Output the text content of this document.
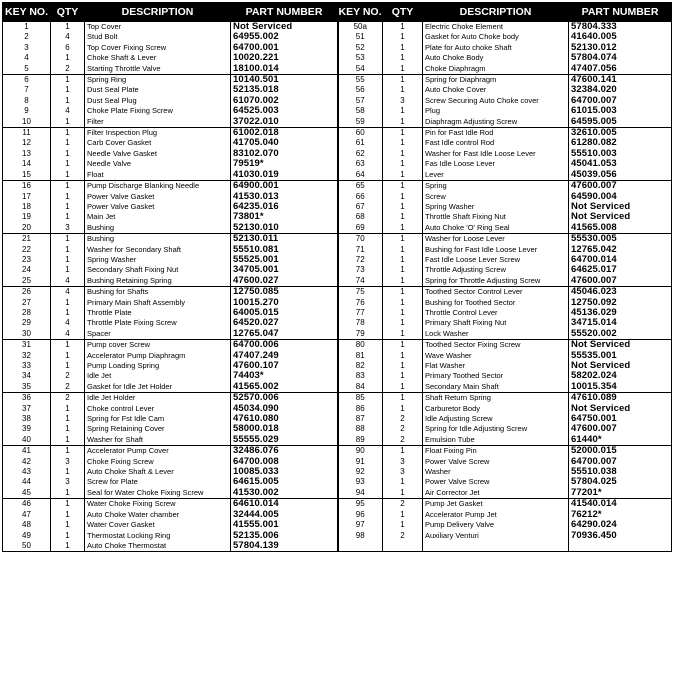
KEY NO.	QTY	DESCRIPTION	PART NUMBER	KEY NO.	QTY	DESCRIPTION	PART NUMBER
1	1	Top Cover	Not Serviced	50a	1	Electric Choke Element	57804.333
2	4	Stud Bolt	64955.002	51	1	Gasket for Auto Choke body	41640.005
3	6	Top Cover Fixing Screw	64700.001	52	1	Plate for Auto choke Shaft	52130.012
4	1	Choke Shaft & Lever	10020.221	53	1	Auto Choke Body	57804.074
5	2	Starting Throttle Valve	18100.014	54	1	Choke Diaphragm	47407.056
6	1	Spring Ring	10140.501	55	1	Spring for Diaphragm	47600.141
7	1	Dust Seal Plate	52135.018	56	1	Auto Choke Cover	32384.020
8	1	Dust Seal Plug	61070.002	57	3	Screw Securing Auto Choke cover	64700.007
9	4	Choke Plate Fixing Screw	64525.003	58	1	Plug	61015.003
10	1	Filter	37022.010	59	1	Diaphragm Adjusting Screw	64595.005
11	1	Filter Inspection Plug	61002.018	60	1	Pin for Fast Idle Rod	32610.005
12	1	Carb Cover Gasket	41705.040	61	1	Fast Idle control Rod	61280.082
13	1	Needle Valve Gasket	83102.070	62	1	Washer for Fast Idle Loose Lever	55510.003
14	1	Needle Valve	79519*	63	1	Fas Idle Loose Lever	45041.053
15	1	Float	41030.019	64	1	Lever	45039.056
16	1	Pump Discharge Blanking Needle	64900.001	65	1	Spring	47600.007
17	1	Power Valve Gasket	41530.013	66	1	Screw	64590.004
18	1	Power Valve Gasket	64235.016	67	1	Spring Washer	Not Serviced
19	1	Main Jet	73801*	68	1	Throttle Shaft Fixing Nut	Not Serviced
20	3	Bushing	52130.010	69	1	Auto Choke 'O' Ring Seal	41565.008
21	1	Bushing	52130.011	70	1	Washer for Loose Lever	55530.005
22	1	Washer for Secondary Shaft	55510.081	71	1	Bushing for Fast Idle Loose Lever	12765.042
23	1	Spring Washer	55525.001	72	1	Fast Idle Loose Lever Screw	64700.014
24	1	Secondary Shaft Fixing Nut	34705.001	73	1	Throttle Adjusting Screw	64625.017
25	4	Bushing Retaining Spring	47600.027	74	1	Spring for Throttle Adjusting Screw	47600.007
26	4	Bushing for Shafts	12750.085	75	1	Toothed Sector Control Lever	45046.023
27	1	Primary Main Shaft Assembly	10015.270	76	1	Bushing for Toothed Sector	12750.092
28	1	Throttle Plate	64005.015	77	1	Throttle Control Lever	45136.029
29	4	Throttle Plate Fixing Screw	64520.027	78	1	Primary Shaft Fixing Nut	34715.014
30	4	Spacer	12765.047	79	1	Lock Washer	55520.002
31	1	Pump cover Screw	64700.006	80	1	Toothed Sector Fixing Screw	Not Serviced
32	1	Accelerator Pump Diaphragm	47407.249	81	1	Wave Washer	55535.001
33	1	Pump Loading Spring	47600.107	82	1	Flat Washer	Not Serviced
34	2	Idle Jet	74403*	83	1	Primary Toothed Sector	58202.024
35	2	Gasket for Idle Jet Holder	41565.002	84	1	Secondary Main Shaft	10015.354
36	2	Idle Jet Holder	52570.006	85	1	Shaft Return Spring	47610.089
37	1	Choke control Lever	45034.090	86	1	Carburetor Body	Not Serviced
38	1	Spring for Fst Idle Cam	47610.080	87	2	Idle Adjusting Screw	64750.001
39	1	Spring Retaining Cover	58000.018	88	2	Spring for Idle Adjusting Screw	47600.007
40	1	Washer for Shaft	55555.029	89	2	Emulsion Tube	61440*
41	1	Accelerator Pump Cover	32486.076	90	1	Float Fixing Pin	52000.015
42	3	Choke Fixing Screw	64700.008	91	3	Power Valve Screw	64700.007
43	1	Auto Choke Shaft & Lever	10085.033	92	3	Washer	55510.038
44	3	Screw for Plate	64615.005	93	1	Power Valve Screw	57804.025
45	1	Seal for Water Choke Fixing Screw	41530.002	94	1	Air Corrector Jet	77201*
46	1	Water Choke Fixing Screw	64610.014	95	2	Pump Jet Gasket	41540.014
47	1	Auto Choke Water chamber	32444.005	96	1	Accelerator Pump Jet	76212*
48	1	Water Cover Gasket	41555.001	97	1	Pump Delivery Valve	64290.024
49	1	Thermostat Locking Ring	52135.006	98	2	Auxiliary Venturi	70936.450
50	1	Auto Choke Thermostat	57804.139				
